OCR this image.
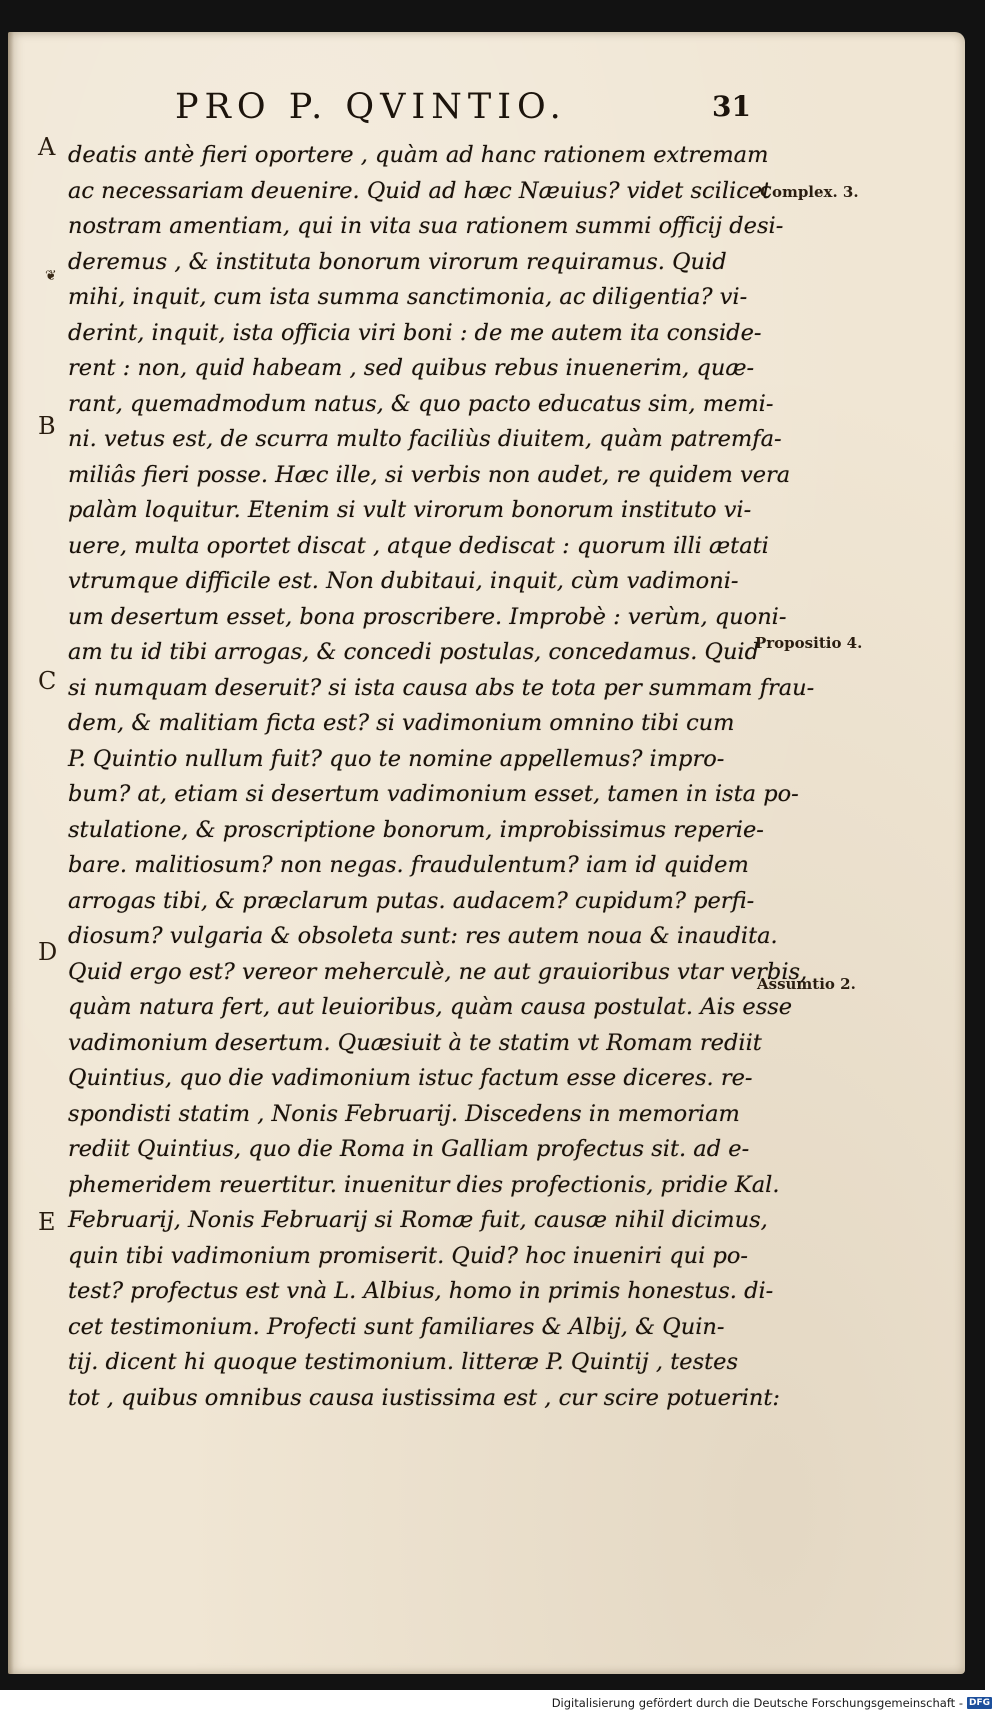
PRO P. QVINTIO.	31
A
❦
B
C
D
E
Complex. 3.
Propositio 4.
Assumtio 2.
deatis antè fieri oportere , quàm ad hanc rationem extremam
ac necessariam deuenire. Quid ad hæc Næuius? videt scilicet
nostram amentiam, qui in vita sua rationem summi officij desi-
deremus , & instituta bonorum virorum requiramus. Quid
mihi, inquit, cum ista summa sanctimonia, ac diligentia? vi-
derint, inquit, ista officia viri boni : de me autem ita conside-
rent : non, quid habeam , sed quibus rebus inuenerim, quæ-
rant, quemadmodum natus, & quo pacto educatus sim, memi-
ni. vetus est, de scurra multo faciliùs diuitem, quàm patremfa-
miliâs fieri posse. Hæc ille, si verbis non audet, re quidem vera
palàm loquitur. Etenim si vult virorum bonorum instituto vi-
uere, multa oportet discat , atque dediscat : quorum illi ætati
vtrumque difficile est. Non dubitaui, inquit, cùm vadimoni-
um desertum esset, bona proscribere. Improbè : verùm, quoni-
am tu id tibi arrogas, & concedi postulas, concedamus. Quid
si numquam deseruit? si ista causa abs te tota per summam frau-
dem, & malitiam ficta est? si vadimonium omnino tibi cum
P. Quintio nullum fuit? quo te nomine appellemus? impro-
bum? at, etiam si desertum vadimonium esset, tamen in ista po-
stulatione, & proscriptione bonorum, improbissimus reperie-
bare. malitiosum? non negas. fraudulentum? iam id quidem
arrogas tibi, & præclarum putas. audacem? cupidum? perfi-
diosum? vulgaria & obsoleta sunt: res autem noua & inaudita.
Quid ergo est? vereor meherculè, ne aut grauioribus vtar verbis,
quàm natura fert, aut leuioribus, quàm causa postulat. Ais esse
vadimonium desertum. Quæsiuit à te statim vt Romam rediit
Quintius, quo die vadimonium istuc factum esse diceres. re-
spondisti statim , Nonis Februarij. Discedens in memoriam
rediit Quintius, quo die Roma in Galliam profectus sit. ad e-
phemeridem reuertitur. inuenitur dies profectionis, pridie Kal.
Februarij, Nonis Februarij si Romæ fuit, causæ nihil dicimus,
quin tibi vadimonium promiserit. Quid? hoc inueniri qui po-
test? profectus est vnà L. Albius, homo in primis honestus. di-
cet testimonium. Profecti sunt familiares & Albij, & Quin-
tij. dicent hi quoque testimonium. litteræ P. Quintij , testes
tot , quibus omnibus causa iustissima est , cur scire potuerint:
Digitalisierung gefördert durch die Deutsche Forschungsgemeinschaft - DFG
